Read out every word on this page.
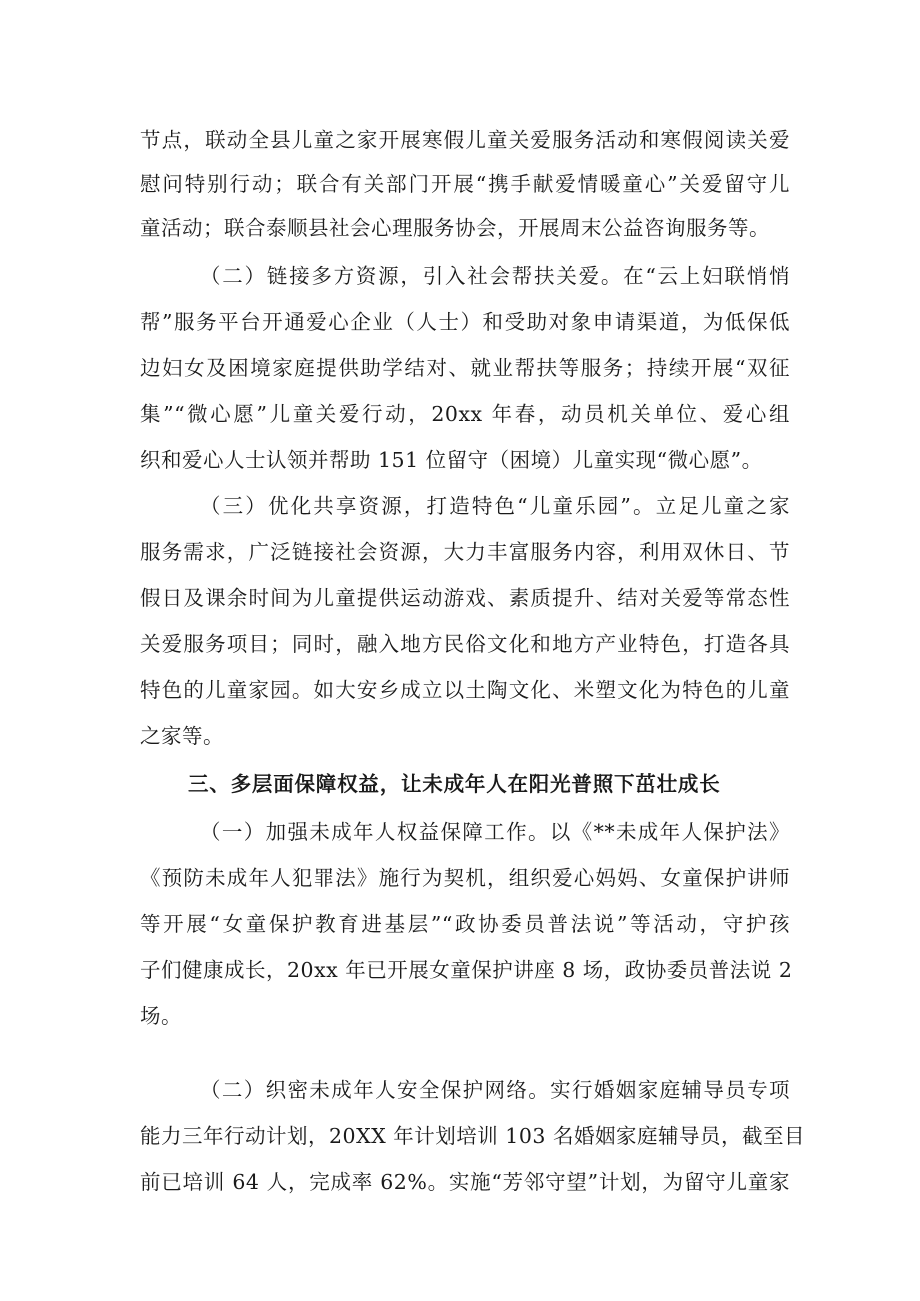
节点，联动全县儿童之家开展寒假儿童关爱服务活动和寒假阅读关爱
慰问特别行动；联合有关部门开展“携手献爱情暖童心”关爱留守儿
童活动；联合泰顺县社会心理服务协会，开展周末公益咨询服务等。
（二）链接多方资源，引入社会帮扶关爱。在“云上妇联悄悄
帮”服务平台开通爱心企业（人士）和受助对象申请渠道，为低保低
边妇女及困境家庭提供助学结对、就业帮扶等服务；持续开展“双征
集”“微心愿”儿童关爱行动，20xx 年春，动员机关单位、爱心组
织和爱心人士认领并帮助 151 位留守（困境）儿童实现“微心愿”。
（三）优化共享资源，打造特色“儿童乐园”。立足儿童之家
服务需求，广泛链接社会资源，大力丰富服务内容，利用双休日、节
假日及课余时间为儿童提供运动游戏、素质提升、结对关爱等常态性
关爱服务项目；同时，融入地方民俗文化和地方产业特色，打造各具
特色的儿童家园。如大安乡成立以土陶文化、米塑文化为特色的儿童
之家等。
三、多层面保障权益，让未成年人在阳光普照下茁壮成长
（一）加强未成年人权益保障工作。以《**未成年人保护法》
《预防未成年人犯罪法》施行为契机，组织爱心妈妈、女童保护讲师
等开展“女童保护教育进基层”“政协委员普法说”等活动，守护孩
子们健康成长，20xx 年已开展女童保护讲座 8 场，政协委员普法说 2
场。
（二）织密未成年人安全保护网络。实行婚姻家庭辅导员专项
能力三年行动计划，20XX 年计划培训 103 名婚姻家庭辅导员，截至目
前已培训 64 人，完成率 62%。实施“芳邻守望”计划，为留守儿童家
